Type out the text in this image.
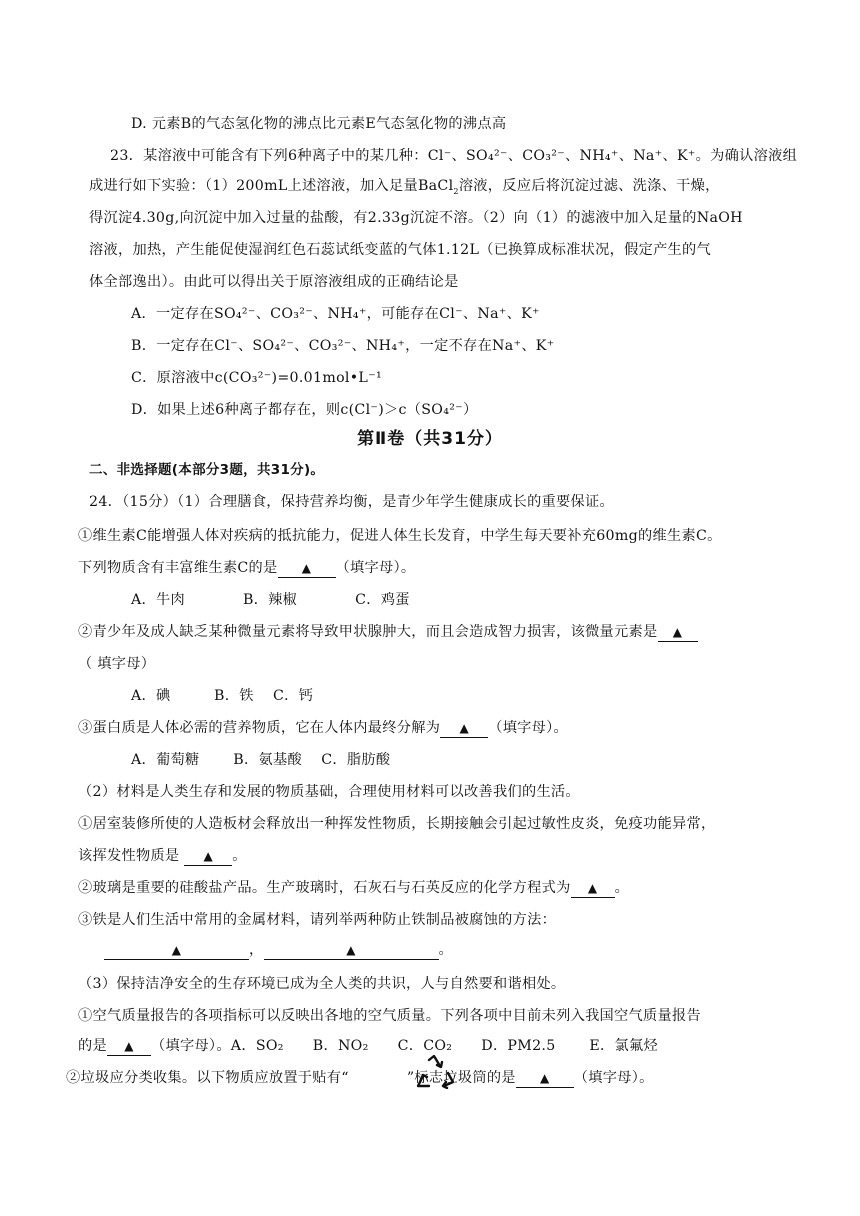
D. 元素B的气态氢化物的沸点比元素E气态氢化物的沸点高
23．某溶液中可能含有下列6种离子中的某几种：Cl⁻、SO₄²⁻、CO₃²⁻、NH₄⁺、Na⁺、K⁺。为确认溶液组
成进行如下实验：（1）200mL上述溶液，加入足量BaCl$_2$溶液，反应后将沉淀过滤、洗涤、干燥，
得沉淀4.30g,向沉淀中加入过量的盐酸，有2.33g沉淀不溶。（2）向（1）的滤液中加入足量的NaOH
溶液，加热，产生能促使湿润红色石蕊试纸变蓝的气体1.12L（已换算成标准状况，假定产生的气
体全部逸出）。由此可以得出关于原溶液组成的正确结论是
A．一定存在SO₄²⁻、CO₃²⁻、NH₄⁺，可能存在Cl⁻、Na⁺、K⁺
B．一定存在Cl⁻、SO₄²⁻、CO₃²⁻、NH₄⁺，一定不存在Na⁺、K⁺
C．原溶液中c(CO₃²⁻)=0.01mol•L⁻¹
D．如果上述6种离子都存在，则c(Cl⁻)＞c（SO₄²⁻）
第Ⅱ卷（共31分）
二、非选择题(本部分3题，共31分)。
24．（15分）（1）合理膳食，保持营养均衡，是青少年学生健康成长的重要保证。
①维生素C能增强人体对疾病的抵抗能力，促进人体生长发育，中学生每天要补充60mg的维生素C。
下列物质含有丰富维生素C的是 ▲ （填字母）。
A．牛肉　　　　B．辣椒　　　　C．鸡蛋
②青少年及成人缺乏某种微量元素将导致甲状腺肿大，而且会造成智力损害，该微量元素是 ▲
（ 填字母）
A．碘　　　B．铁　 C．钙
③蛋白质是人体必需的营养物质，它在人体内最终分解为 ▲ （填字母）。
A．葡萄糖　　 B．氨基酸　 C．脂肪酸
（2）材料是人类生存和发展的物质基础，合理使用材料可以改善我们的生活。
①居室装修所使的人造板材会释放出一种挥发性物质，长期接触会引起过敏性皮炎，免疫功能异常，
该挥发性物质是 ▲ 。
②玻璃是重要的硅酸盐产品。生产玻璃时，石灰石与石英反应的化学方程式为 ▲ 。
③铁是人们生活中常用的金属材料，请列举两种防止铁制品被腐蚀的方法：
▲	，	▲	。
（3）保持洁净安全的生存环境已成为全人类的共识，人与自然要和谐相处。
①空气质量报告的各项指标可以反映出各地的空气质量。下列各项中目前未列入我国空气质量报告
的是 ▲ （填字母）。A．SO₂　　B．NO₂　　C．CO₂　　D．PM2.5　　 E．氯氟烃
②垃圾应分类收集。以下物质应放置于贴有“	”标志垃圾筒的是 ▲ （填字母）。
